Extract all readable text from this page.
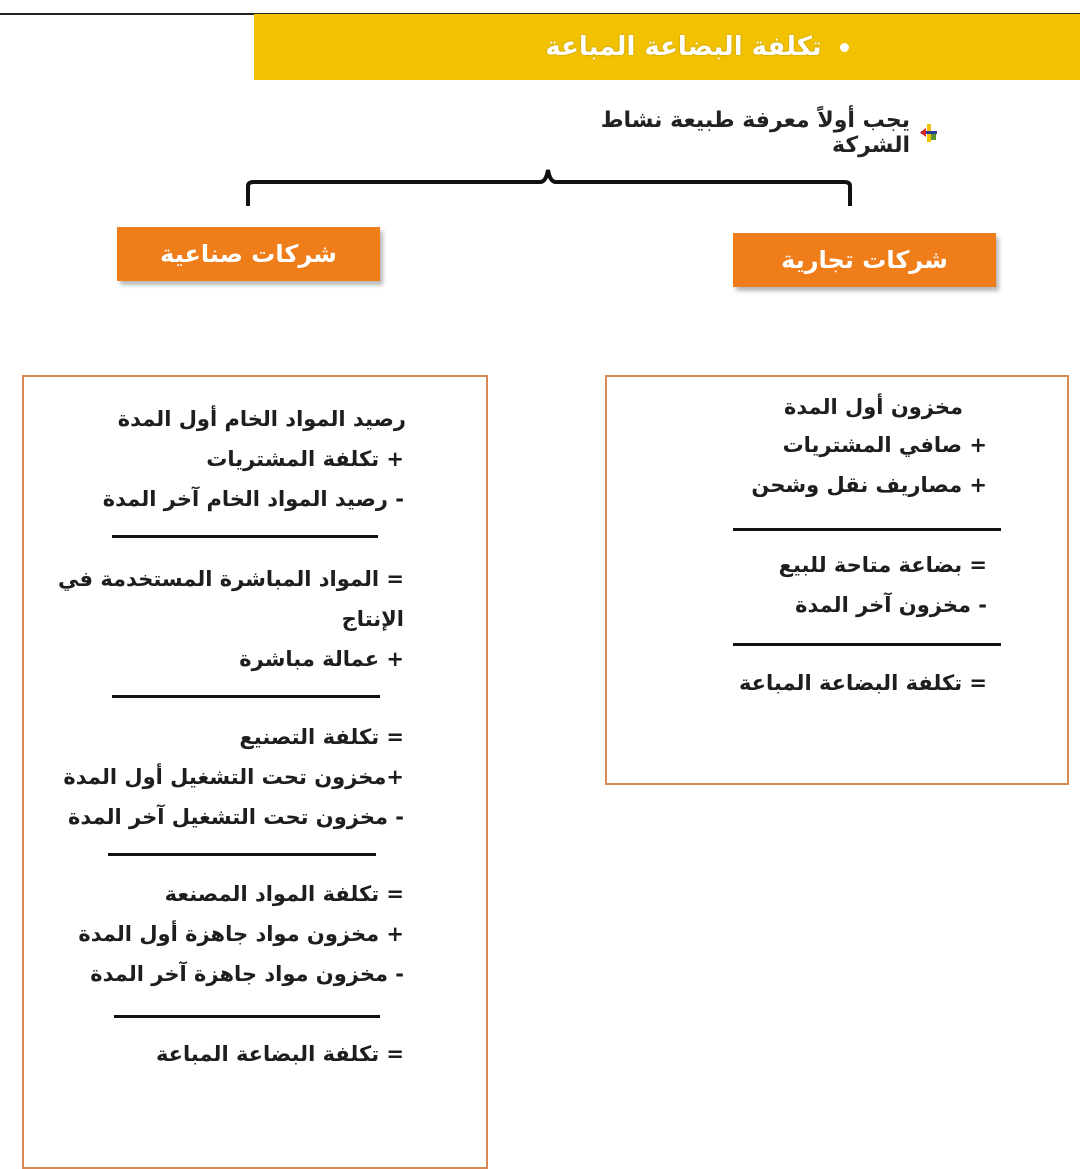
تكلفة البضاعة المباعة
يجب أولاً معرفة طبيعة نشاط الشركة
شركات صناعية	شركات تجارية
رصيد المواد الخام أول المدة
+ تكلفة المشتريات
- رصيد المواد الخام آخر المدة
= المواد المباشرة المستخدمة في
الإنتاج
+ عمالة مباشرة
= تكلفة التصنيع
+مخزون تحت التشغيل أول المدة
- مخزون تحت التشغيل آخر المدة
= تكلفة المواد المصنعة
+ مخزون مواد جاهزة أول المدة
- مخزون مواد جاهزة آخر المدة
= تكلفة البضاعة المباعة
مخزون أول المدة
+ صافي المشتريات
+ مصاريف نقل وشحن
= بضاعة متاحة للبيع
- مخزون آخر المدة
= تكلفة البضاعة المباعة
